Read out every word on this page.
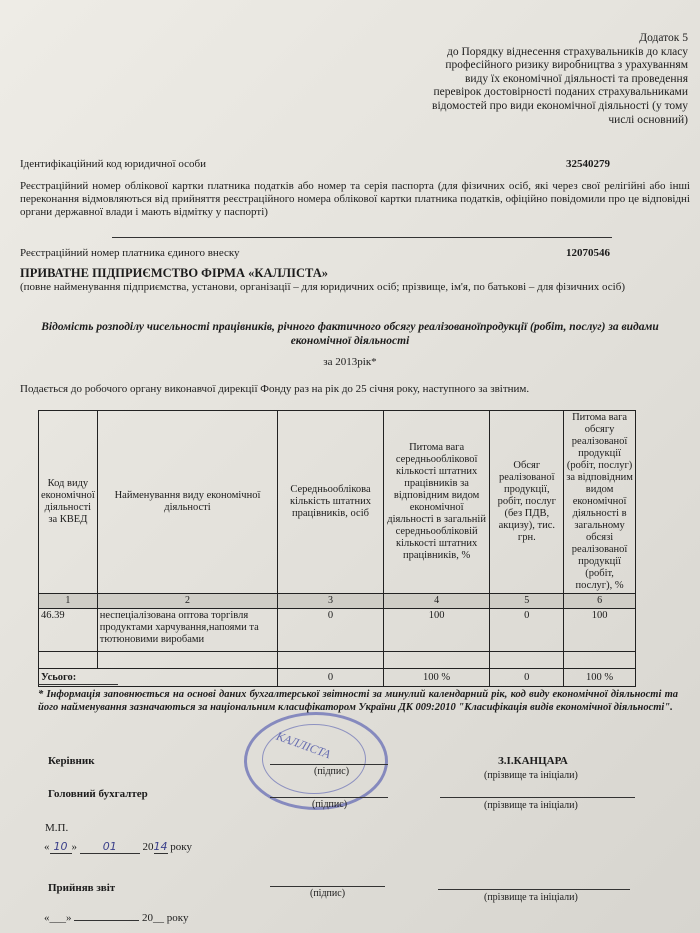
Додаток 5
до Порядку віднесення страхувальників до класу
професійного ризику виробництва з урахуванням
виду їх економічної діяльності та проведення
перевірок достовірності поданих страхувальниками
відомостей про види економічної діяльності (у тому
числі основний)
Ідентифікаційний код юридичної особи	32540279
Реєстраційний номер облікової картки платника податків або номер та серія паспорта (для фізичних осіб, які через свої релігійні або інші переконання відмовляються від прийняття реєстраційного номера облікової картки платника податків, офіційно повідомили про це відповідні органи державної влади і мають відмітку у паспорті)
Реєстраційний номер платника єдиного внеску	12070546
ПРИВАТНЕ ПІДПРИЄМСТВО ФІРМА «КАЛЛІСТА»
(повне найменування підприємства, установи, організації – для юридичних осіб; прізвище, ім'я, по батькові – для фізичних осіб)
Відомість розподілу чисельності працівників, річного фактичного обсягу реалізованоїпродукції (робіт, послуг) за видами економічної діяльності
за 2013рік*
Подається до робочого органу виконавчої дирекції Фонду раз на рік до 25 січня року, наступного за звітним.
Код виду економічної діяльності за КВЕД	Найменування виду економічної діяльності	Середньооблікова кількість штатних працівників, осіб	Питома вага середньооблікової кількості штатних працівників за відповідним видом економічної діяльності в загальній середньообліковій кількості штатних працівників, %	Обсяг реалізованої продукції, робіт, послуг (без ПДВ, акцизу), тис. грн.	Питома вага обсягу реалізованої продукції (робіт, послуг) за відповідним видом економічної діяльності в загальному обсязі реалізованої продукції (робіт, послуг), %
1	2	3	4	5	6
46.39	неспеціалізована оптова торгівля продуктами харчування,напоями та тютюновими виробами	0	100	0	100

Усього:		0	100 %	0	100 %
* Інформація заповнюється на основі даних бухгалтерської звітності за минулий календарний рік, код виду економічної діяльності та його найменування зазначаються за національним класифікатором України ДК 009:2010 "Класифікація видів економічної діяльності".
КАЛЛІСТА
Керівник
(підпис)
З.І.КАНЦАРА
(прізвище та ініціали)
Головний бухгалтер
(підпис)	(прізвище та ініціали)
М.П.
« 10 » 01 2014 року
Прийняв звіт	(підпис)	(прізвище та ініціали)
«___»	20__ року
